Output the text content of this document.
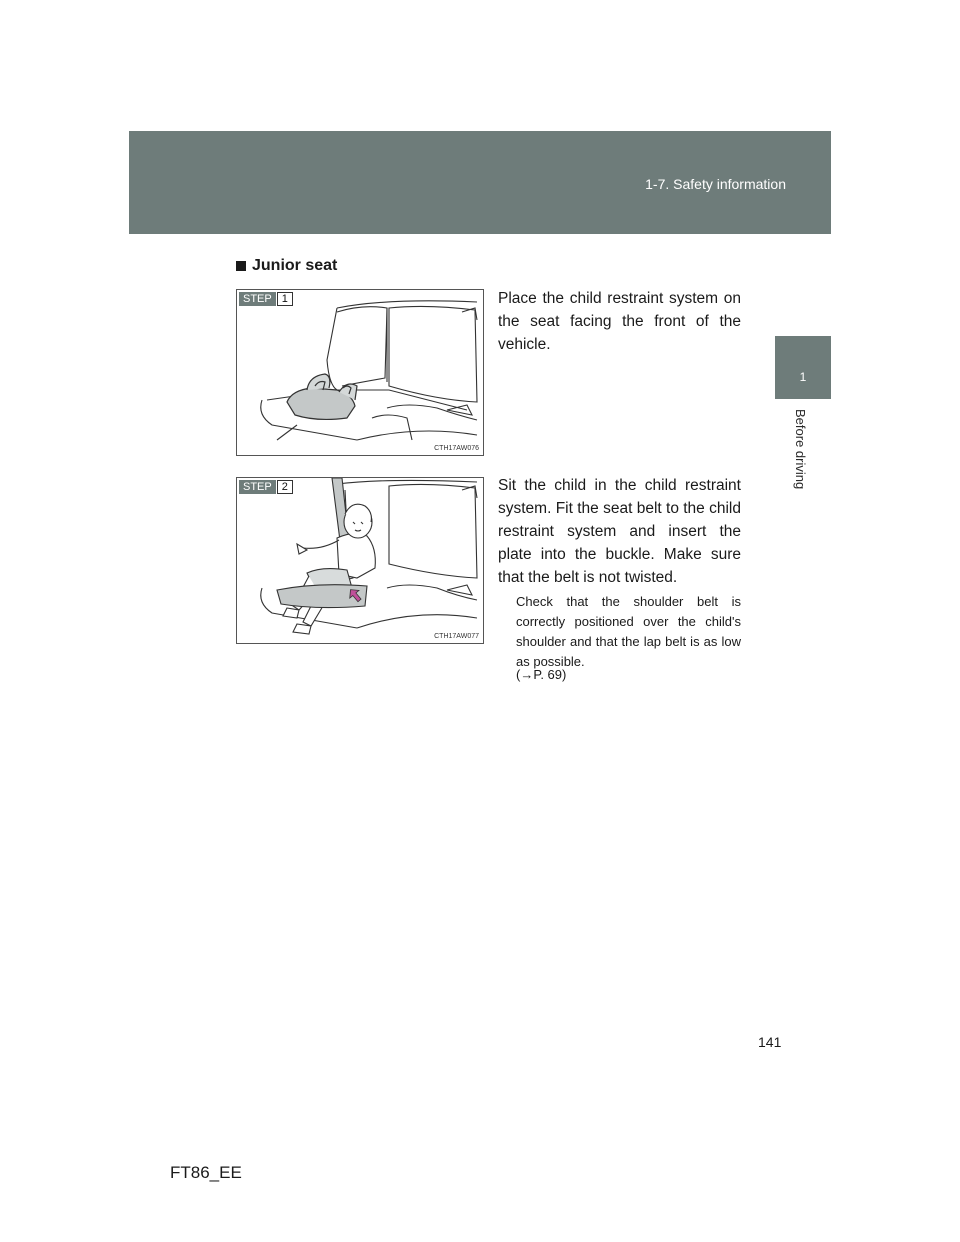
1-7. Safety information
1
Before driving
Junior seat
STEP 1
CTH17AW076
Place the child restraint system on the seat facing the front of the vehicle.
STEP 2
CTH17AW077
Sit the child in the child restraint system. Fit the seat belt to the child restraint system and insert the plate into the buckle. Make sure that the belt is not twisted.
Check that the shoulder belt is correctly positioned over the child's shoulder and that the lap belt is as low as possible.
(→P. 69)
141
FT86_EE
